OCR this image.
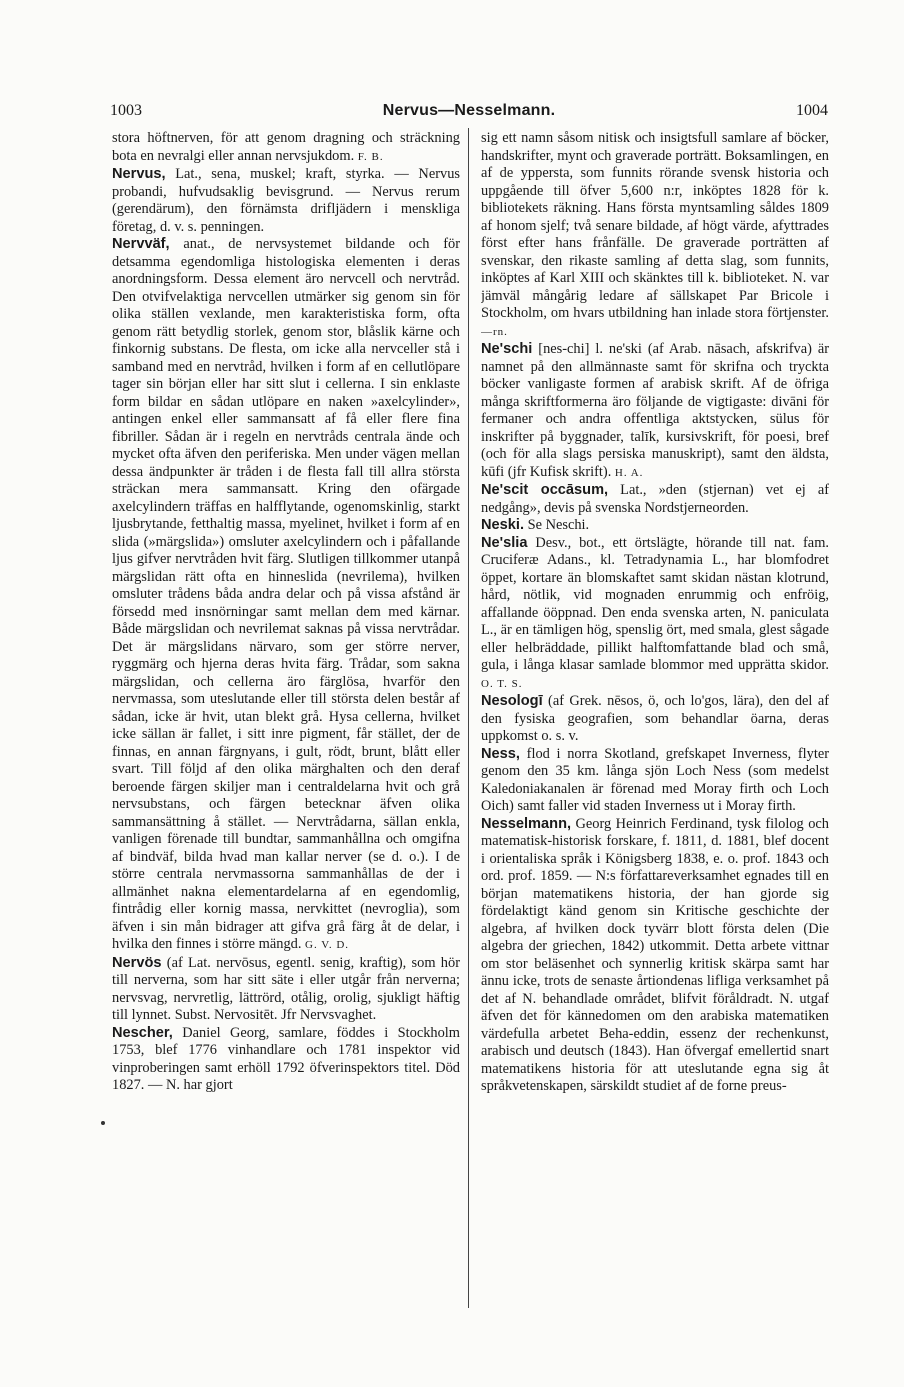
1003	Nervus—Nesselmann.	1004

stora höftnerven, för att genom dragning och sträckning bota en nevralgi eller annan nervsjukdom. F. B.

Nervus, Lat., sena, muskel; kraft, styrka. — Nervus probandi, hufvudsaklig bevisgrund. — Nervus rerum (gerendärum), den förnämsta drifljädern i menskliga företag, d. v. s. penningen.

Nervväf, anat., de nervsystemet bildande och för detsamma egendomliga histologiska elementen i deras anordningsform. Dessa element äro nervcell och nervtråd. Den otvifvelaktiga nervcellen utmärker sig genom sin för olika ställen vexlande, men karakteristiska form, ofta genom rätt betydlig storlek, genom stor, blåslik kärne och finkornig substans. De flesta, om icke alla nervceller stå i samband med en nervtråd, hvilken i form af en cellutlöpare tager sin början eller har sitt slut i cellerna. I sin enklaste form bildar en sådan utlöpare en naken »axelcylinder», antingen enkel eller sammansatt af få eller flere fina fibriller. Sådan är i regeln en nervtråds centrala ände och mycket ofta äfven den periferiska. Men under vägen mellan dessa ändpunkter är tråden i de flesta fall till allra största sträckan mera sammansatt. Kring den ofärgade axelcylindern träffas en halfflytande, ogenomskinlig, starkt ljusbrytande, fetthaltig massa, myelinet, hvilket i form af en slida (»märgslida») omsluter axelcylindern och i påfallande ljus gifver nervtråden hvit färg. Slutligen tillkommer utanpå märgslidan rätt ofta en hinneslida (nevrilema), hvilken omsluter trådens båda andra delar och på vissa afstånd är försedd med insnörningar samt mellan dem med kärnar. Både märgslidan och nevrilemat saknas på vissa nervtrådar. Det är märgslidans närvaro, som ger större nerver, ryggmärg och hjerna deras hvita färg. Trådar, som sakna märgslidan, och cellerna äro färglösa, hvarför den nervmassa, som uteslutande eller till största delen består af sådan, icke är hvit, utan blekt grå. Hysa cellerna, hvilket icke sällan är fallet, i sitt inre pigment, får stället, der de finnas, en annan färgnyans, i gult, rödt, brunt, blått eller svart. Till följd af den olika märghalten och den deraf beroende färgen skiljer man i centraldelarna hvit och grå nervsubstans, och färgen betecknar äfven olika sammansättning å stället. — Nervtrådarna, sällan enkla, vanligen förenade till bundtar, sammanhållna och omgifna af bindväf, bilda hvad man kallar nerver (se d. o.). I de större centrala nervmassorna sammanhållas de der i allmänhet nakna elementardelarna af en egendomlig, fintrådig eller kornig massa, nervkittet (nevroglia), som äfven i sin mån bidrager att gifva grå färg åt de delar, i hvilka den finnes i större mängd. G. V. D.

Nervös (af Lat. nervōsus, egentl. senig, kraftig), som hör till nerverna, som har sitt säte i eller utgår från nerverna; nervsvag, nervretlig, lättrörd, otålig, orolig, sjukligt häftig till lynnet. Subst. Nervositēt. Jfr Nervsvaghet.

Nescher, Daniel Georg, samlare, föddes i Stockholm 1753, blef 1776 vinhandlare och 1781 inspektor vid vinproberingen samt erhöll 1792 öfverinspektors titel. Död 1827. — N. har gjort

sig ett namn såsom nitisk och insigtsfull samlare af böcker, handskrifter, mynt och graverade porträtt. Boksamlingen, en af de yppersta, som funnits rörande svensk historia och uppgående till öfver 5,600 n:r, inköptes 1828 för k. bibliotekets räkning. Hans första myntsamling såldes 1809 af honom sjelf; två senare bildade, af högt värde, afyttrades först efter hans frånfälle. De graverade porträtten af svenskar, den rikaste samling af detta slag, som funnits, inköptes af Karl XIII och skänktes till k. biblioteket. N. var jämväl mångårig ledare af sällskapet Par Bricole i Stockholm, om hvars utbildning han inlade stora förtjenster. —rn.

Ne'schi [nes-chi] l. ne'ski (af Arab. nāsach, afskrifva) är namnet på den allmännaste samt för skrifna och tryckta böcker vanligaste formen af arabisk skrift. Af de öfriga många skriftformerna äro följande de vigtigaste: divāni för fermaner och andra offentliga aktstycken, sülus för inskrifter på byggnader, talīk, kursivskrift, för poesi, bref (och för alla slags persiska manuskript), samt den äldsta, kūfi (jfr Kufisk skrift). H. A.

Ne'scit occāsum, Lat., »den (stjernan) vet ej af nedgång», devis på svenska Nordstjerneorden.

Neski. Se Neschi.

Ne'slia Desv., bot., ett örtslägte, hörande till nat. fam. Cruciferæ Adans., kl. Tetradynamia L., har blomfodret öppet, kortare än blomskaftet samt skidan nästan klotrund, hård, nötlik, vid mognaden enrummig och enfröig, affallande ööppnad. Den enda svenska arten, N. paniculata L., är en tämligen hög, spenslig ört, med smala, glest sågade eller helbräddade, pillikt halftomfattande blad och små, gula, i långa klasar samlade blommor med upprätta skidor. O. T. S.

Nesologī (af Grek. nēsos, ö, och lo'gos, lära), den del af den fysiska geografien, som behandlar öarna, deras uppkomst o. s. v.

Ness, flod i norra Skotland, grefskapet Inverness, flyter genom den 35 km. långa sjön Loch Ness (som medelst Kaledoniakanalen är förenad med Moray firth och Loch Oich) samt faller vid staden Inverness ut i Moray firth.

Nesselmann, Georg Heinrich Ferdinand, tysk filolog och matematisk-historisk forskare, f. 1811, d. 1881, blef docent i orientaliska språk i Königsberg 1838, e. o. prof. 1843 och ord. prof. 1859. — N:s författareverksamhet egnades till en början matematikens historia, der han gjorde sig fördelaktigt känd genom sin Kritische geschichte der algebra, af hvilken dock tyvärr blott första delen (Die algebra der griechen, 1842) utkommit. Detta arbete vittnar om stor beläsenhet och synnerlig kritisk skärpa samt har ännu icke, trots de senaste årtiondenas lifliga verksamhet på det af N. behandlade området, blifvit föråldradt. N. utgaf äfven det för kännedomen om den arabiska matematiken värdefulla arbetet Beha-eddin, essenz der rechenkunst, arabisch und deutsch (1843). Han öfvergaf emellertid snart matematikens historia för att uteslutande egna sig åt språkvetenskapen, särskildt studiet af de forne preus-
